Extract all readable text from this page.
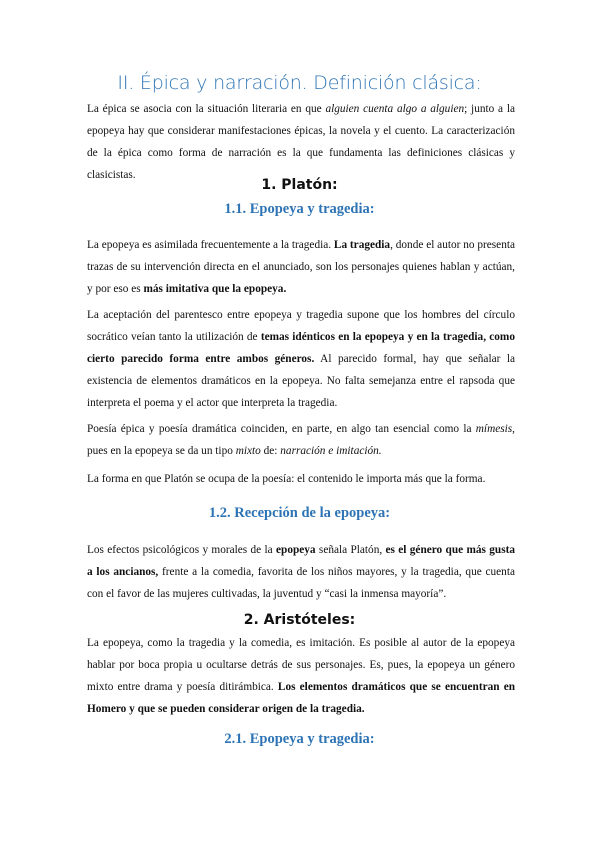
II. Épica y narración. Definición clásica:

La épica se asocia con la situación literaria en que alguien cuenta algo a alguien; junto a la epopeya hay que considerar manifestaciones épicas, la novela y el cuento. La caracterización de la épica como forma de narración es la que fundamenta las definiciones clásicas y clasicistas.

1. Platón:
1.1. Epopeya y tragedia:

La epopeya es asimilada frecuentemente a la tragedia. La tragedia, donde el autor no presenta trazas de su intervención directa en el anunciado, son los personajes quienes hablan y actúan, y por eso es más imitativa que la epopeya.

La aceptación del parentesco entre epopeya y tragedia supone que los hombres del círculo socrático veían tanto la utilización de temas idénticos en la epopeya y en la tragedia, como cierto parecido forma entre ambos géneros. Al parecido formal, hay que señalar la existencia de elementos dramáticos en la epopeya. No falta semejanza entre el rapsoda que interpreta el poema y el actor que interpreta la tragedia.

Poesía épica y poesía dramática coinciden, en parte, en algo tan esencial como la mímesis, pues en la epopeya se da un tipo mixto de: narración e imitación.

La forma en que Platón se ocupa de la poesía: el contenido le importa más que la forma.

1.2. Recepción de la epopeya:

Los efectos psicológicos y morales de la epopeya señala Platón, es el género que más gusta a los ancianos, frente a la comedia, favorita de los niños mayores, y la tragedia, que cuenta con el favor de las mujeres cultivadas, la juventud y “casi la inmensa mayoría”.

2. Aristóteles:

La epopeya, como la tragedia y la comedia, es imitación. Es posible al autor de la epopeya hablar por boca propia u ocultarse detrás de sus personajes. Es, pues, la epopeya un género mixto entre drama y poesía ditirámbica. Los elementos dramáticos que se encuentran en Homero y que se pueden considerar origen de la tragedia.

2.1. Epopeya y tragedia:
